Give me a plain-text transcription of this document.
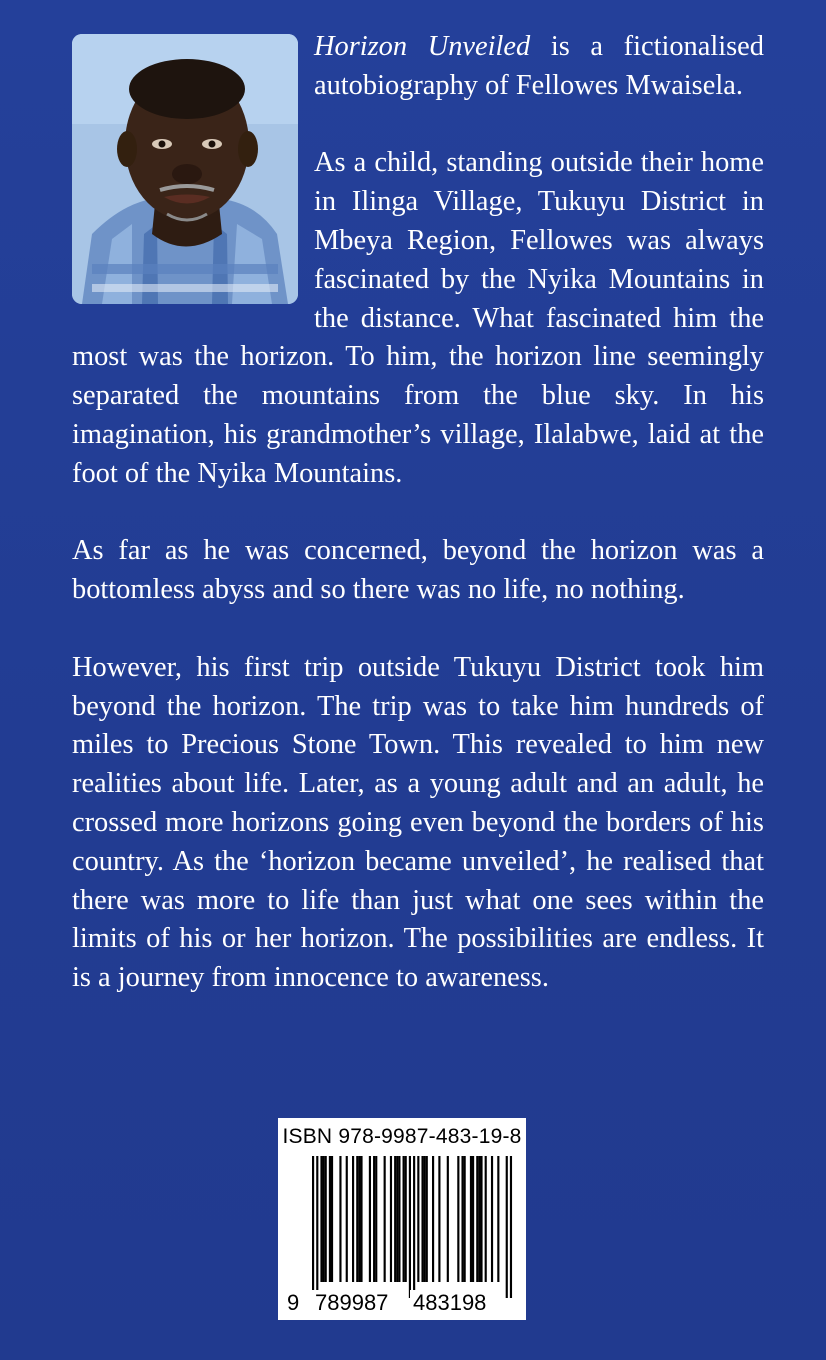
Horizon Unveiled is a fictionalised autobiography of Fellowes Mwaisela.

As a child, standing outside their home in Ilinga Village, Tukuyu District in Mbeya Region, Fellowes was always fascinated by the Nyika Mountains in the distance. What fascinated him the most was the horizon. To him, the horizon line seemingly separated the mountains from the blue sky. In his imagination, his grandmother’s village, Ilalabwe, laid at the foot of the Nyika Mountains.

As far as he was concerned, beyond the horizon was a bottomless abyss and so there was no life, no nothing.

However, his first trip outside Tukuyu District took him beyond the horizon. The trip was to take him hundreds of miles to Precious Stone Town. This revealed to him new realities about life. Later, as a young adult and an adult, he crossed more horizons going even beyond the borders of his country. As the ‘horizon became unveiled’, he realised that there was more to life than just what one sees within the limits of his or her horizon. The possibilities are endless. It is a journey from innocence to awareness.

ISBN 978-9987-483-19-8
9 789987 483198
